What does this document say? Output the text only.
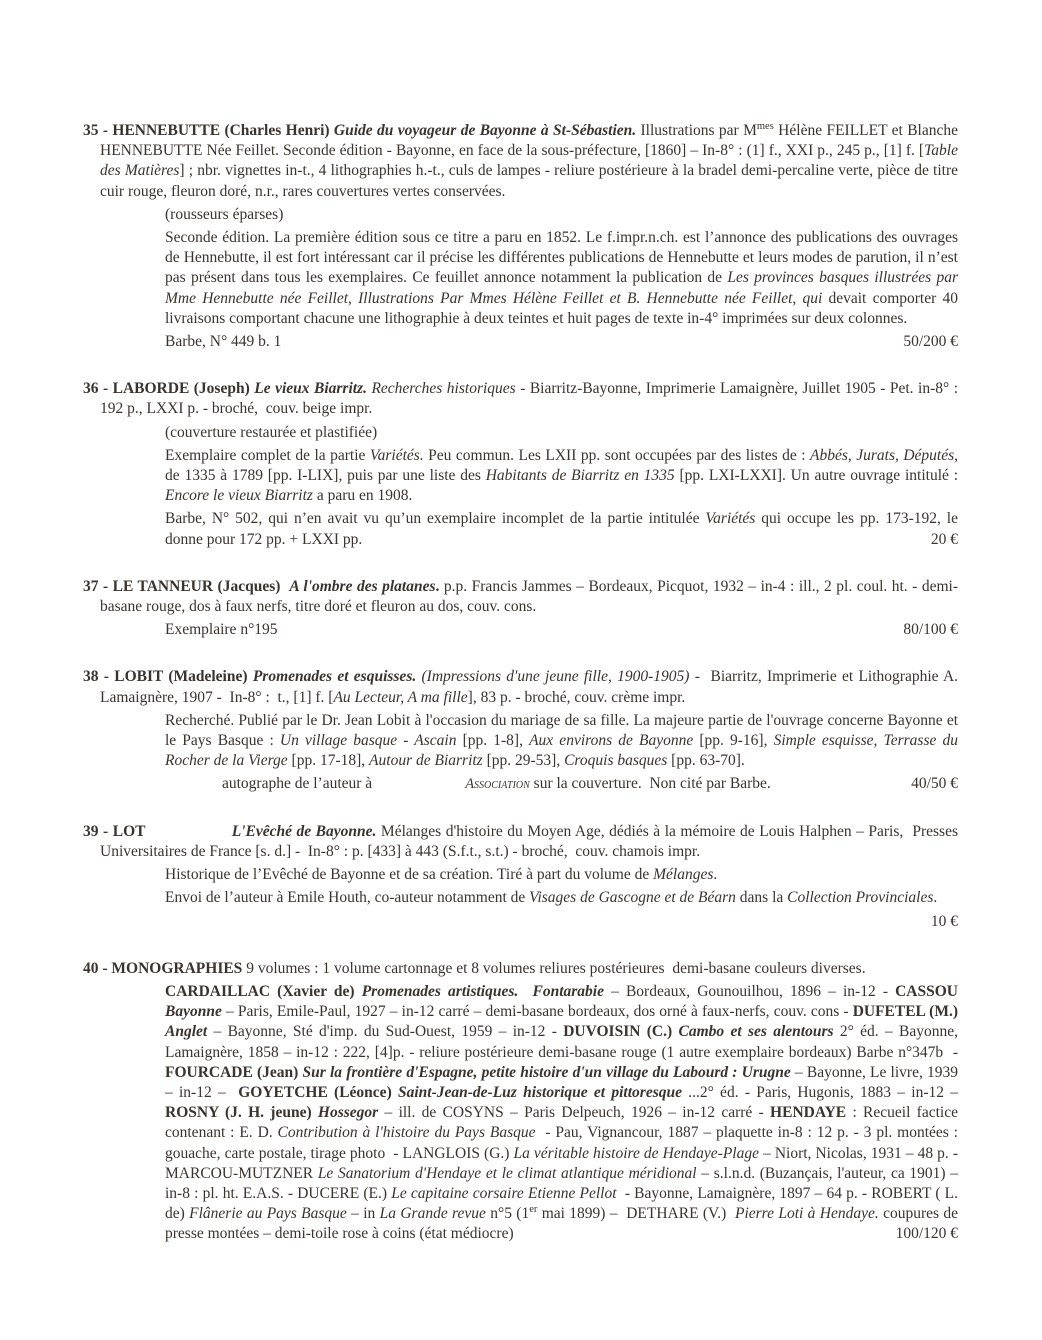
35 - HENNEBUTTE (Charles Henri) Guide du voyageur de Bayonne à St-Sébastien. Illustrations par $M^{mes}$ Hélène FEILLET et Blanche HENNEBUTTE Née Feillet. Seconde édition - Bayonne, en face de la sous-préfecture, [1860] – In-8° : (1] f., XXI p., 245 p., [1] f. [Table des Matières] ; nbr. vignettes in-t., 4 lithographies h.-t., culs de lampes - reliure postérieure à la bradel demi-percaline verte, pièce de titre cuir rouge, fleuron doré, n.r., rares couvertures vertes conservées.

(rousseurs éparses)

Seconde édition. La première édition sous ce titre a paru en 1852. Le f.impr.n.ch. est l’annonce des publications des ouvrages de Hennebutte, il est fort intéressant car il précise les différentes publications de Hennebutte et leurs modes de parution, il n’est pas présent dans tous les exemplaires. Ce feuillet annonce notamment la publication de Les provinces basques illustrées par Mme Hennebutte née Feillet, Illustrations Par Mmes Hélène Feillet et B. Hennebutte née Feillet, qui devait comporter 40 livraisons comportant chacune une lithographie à deux teintes et huit pages de texte in-4° imprimées sur deux colonnes.

Barbe, N° 449 b. 1	50/200 €

36 - LABORDE (Joseph) Le vieux Biarritz. Recherches historiques - Biarritz-Bayonne, Imprimerie Lamaignère, Juillet 1905 - Pet. in-8° : 192 p., LXXI p. - broché,  couv. beige impr.

(couverture restaurée et plastifiée)

Exemplaire complet de la partie Variétés. Peu commun. Les LXII pp. sont occupées par des listes de : Abbés, Jurats, Députés, de 1335 à 1789 [pp. I-LIX], puis par une liste des Habitants de Biarritz en 1335 [pp. LXI-LXXI]. Un autre ouvrage intitulé : Encore le vieux Biarritz a paru en 1908.

Barbe, N° 502, qui n’en avait vu qu’un exemplaire incomplet de la partie intitulée Variétés qui occupe les pp. 173-192, le donne pour 172 pp. + LXXI pp.	20 €

37 - LE TANNEUR (Jacques)  A l'ombre des platanes. p.p. Francis Jammes – Bordeaux, Picquot, 1932 – in-4 : ill., 2 pl. coul. ht. - demi-basane rouge, dos à faux nerfs, titre doré et fleuron au dos, couv. cons.

Exemplaire n°195	80/100 €

38 - LOBIT (Madeleine) Promenades et esquisses. (Impressions d'une jeune fille, 1900-1905) -  Biarritz, Imprimerie et Lithographie A. Lamaignère, 1907 -  In-8° :  t., [1] f. [Au Lecteur, A ma fille], 83 p. - broché, couv. crème impr.

Recherché. Publié par le Dr. Jean Lobit à l'occasion du mariage de sa fille. La majeure partie de l'ouvrage concerne Bayonne et le Pays Basque : Un village basque - Ascain [pp. 1-8], Aux environs de Bayonne [pp. 9-16], Simple esquisse, Terrasse du Rocher de la Vierge [pp. 17-18], Autour de Biarritz [pp. 29-53], Croquis basques [pp. 63-70].

autographe de l’auteur à                        Association sur la couverture.  Non cité par Barbe.	40/50 €

39 - LOT	L'Evêché de Bayonne. Mélanges d'histoire du Moyen Age, dédiés à la mémoire de Louis Halphen – Paris,  Presses Universitaires de France [s. d.] -  In-8° : p. [433] à 443 (S.f.t., s.t.) - broché,  couv. chamois impr.

Historique de l’Evêché de Bayonne et de sa création. Tiré à part du volume de Mélanges.

Envoi de l’auteur à Emile Houth, co-auteur notamment de Visages de Gascogne et de Béarn dans la Collection Provinciales.

10 €

40 - MONOGRAPHIES 9 volumes : 1 volume cartonnage et 8 volumes reliures postérieures  demi-basane couleurs diverses.

CARDAILLAC (Xavier de) Promenades artistiques.  Fontarabie – Bordeaux, Gounouilhou, 1896 – in-12 - CASSOU Bayonne – Paris, Emile-Paul, 1927 – in-12 carré – demi-basane bordeaux, dos orné à faux-nerfs, couv. cons - DUFETEL (M.) Anglet – Bayonne, Sté d'imp. du Sud-Ouest, 1959 – in-12 - DUVOISIN (C.) Cambo et ses alentours 2° éd. – Bayonne, Lamaignère, 1858 – in-12 : 222, [4]p. - reliure postérieure demi-basane rouge (1 autre exemplaire bordeaux) Barbe n°347b  - FOURCADE (Jean) Sur la frontière d'Espagne, petite histoire d'un village du Labourd : Urugne – Bayonne, Le livre, 1939 – in-12 –  GOYETCHE (Léonce) Saint-Jean-de-Luz historique et pittoresque ...2° éd. - Paris, Hugonis, 1883 – in-12 – ROSNY (J. H. jeune) Hossegor – ill. de COSYNS – Paris Delpeuch, 1926 – in-12 carré - HENDAYE : Recueil factice contenant : E. D. Contribution à l'histoire du Pays Basque  - Pau, Vignancour, 1887 – plaquette in-8 : 12 p. - 3 pl. montées : gouache, carte postale, tirage photo  - LANGLOIS (G.) La véritable histoire de Hendaye-Plage – Niort, Nicolas, 1931 – 48 p. - MARCOU-MUTZNER Le Sanatorium d'Hendaye et le climat atlantique méridional – s.l.n.d. (Buzançais, l'auteur, ca 1901) – in-8 : pl. ht. E.A.S. - DUCERE (E.) Le capitaine corsaire Etienne Pellot  - Bayonne, Lamaignère, 1897 – 64 p. - ROBERT ( L. de) Flânerie au Pays Basque – in La Grande revue n°5 (1er mai 1899) –  DETHARE (V.)  Pierre Loti à Hendaye. coupures de presse montées – demi-toile rose à coins (état médiocre)	100/120 €
